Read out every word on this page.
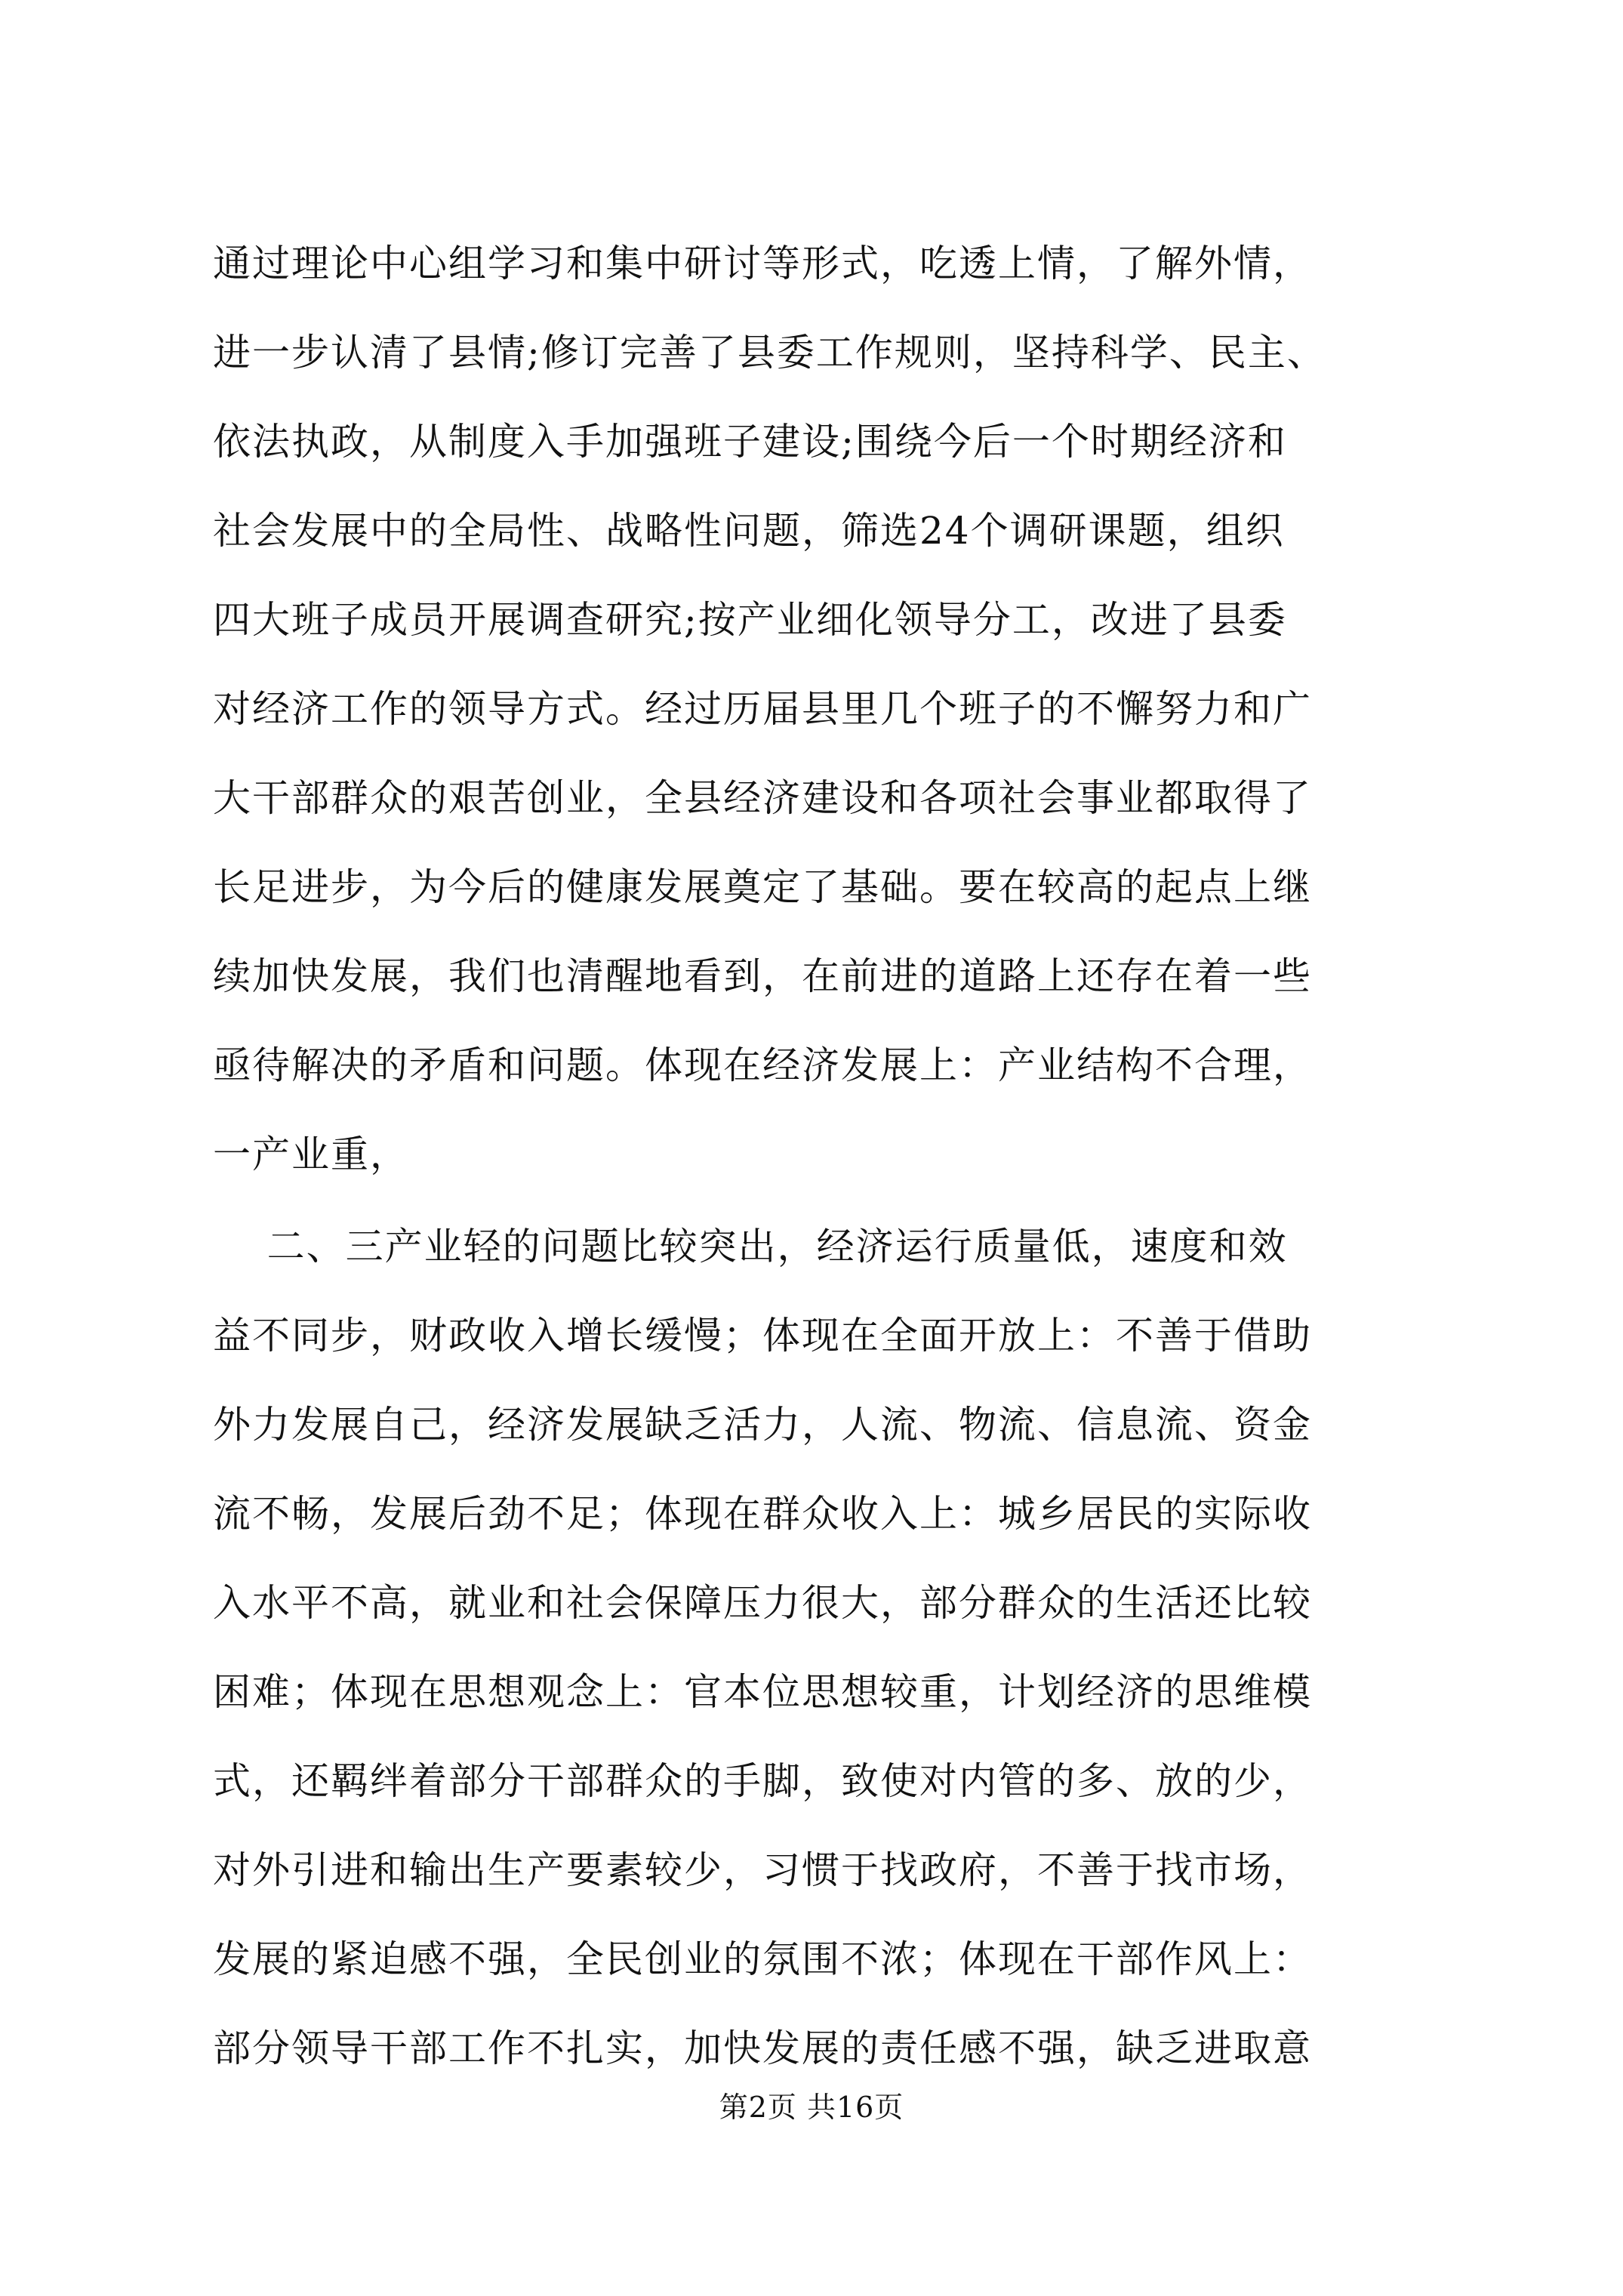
通过理论中心组学习和集中研讨等形式，吃透上情，了解外情，

进一步认清了县情;修订完善了县委工作规则，坚持科学、民主、

依法执政，从制度入手加强班子建设;围绕今后一个时期经济和

社会发展中的全局性、战略性问题，筛选24个调研课题，组织

四大班子成员开展调查研究;按产业细化领导分工，改进了县委

对经济工作的领导方式。经过历届县里几个班子的不懈努力和广

大干部群众的艰苦创业，全县经济建设和各项社会事业都取得了

长足进步，为今后的健康发展奠定了基础。要在较高的起点上继

续加快发展，我们也清醒地看到，在前进的道路上还存在着一些

亟待解决的矛盾和问题。体现在经济发展上：产业结构不合理，

一产业重，

二、三产业轻的问题比较突出，经济运行质量低，速度和效

益不同步，财政收入增长缓慢；体现在全面开放上：不善于借助

外力发展自己，经济发展缺乏活力，人流、物流、信息流、资金

流不畅，发展后劲不足；体现在群众收入上：城乡居民的实际收

入水平不高，就业和社会保障压力很大，部分群众的生活还比较

困难；体现在思想观念上：官本位思想较重，计划经济的思维模

式，还羁绊着部分干部群众的手脚，致使对内管的多、放的少，

对外引进和输出生产要素较少，习惯于找政府，不善于找市场，

发展的紧迫感不强，全民创业的氛围不浓；体现在干部作风上：

部分领导干部工作不扎实，加快发展的责任感不强，缺乏进取意

第2页 共16页
